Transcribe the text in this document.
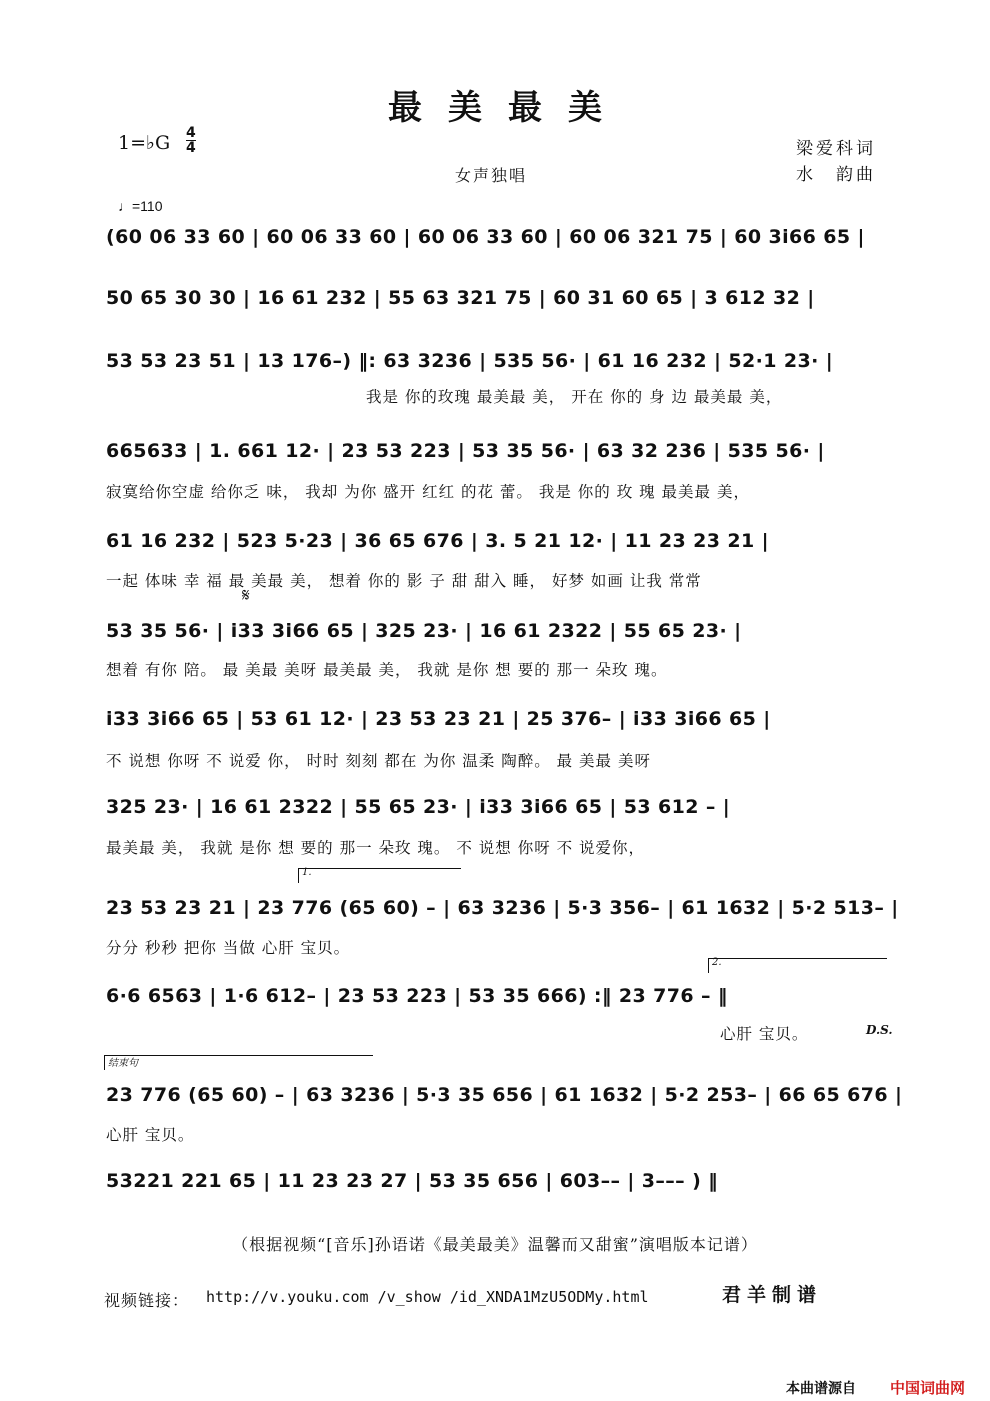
最美最美
1=♭G 4
4	梁爱科词
水　韵曲
女声独唱
♩=110
(60 06 33 60 | 60 06 33 60 | 60 06 33 60 | 60 06 321 75 | 60 3i66 65 |
50 65 30 30 | 16 61 232 | 55 63 321 75 | 60 31 60 65 | 3 612 32 |
53 53 23 51 | 13 176–) ‖: 63 3236 | 535 56· | 61 16 232 | 52·1 23· |
我是 你的玫瑰 最美最 美， 开在 你的 身 边 最美最 美，
665633 | 1. 661 12· | 23 53 223 | 53 35 56· | 63 32 236 | 535 56· |
寂寞给你空虚 给你乏 味， 我却 为你 盛开 红红 的花 蕾。 我是 你的 玫 瑰 最美最 美，
61 16 232 | 523 5·23 | 36 65 676 | 3. 5 21 12· | 11 23 23 21 |
一起 体味 幸 福 最 美最 美， 想着 你的 影 子 甜 甜入 睡， 好梦 如画 让我 常常
𝄋
53 35 56· | i33 3i66 65 | 325 23· | 16 61 2322 | 55 65 23· |
想着 有你 陪。 最 美最 美呀 最美最 美， 我就 是你 想 要的 那一 朵玫 瑰。
i33 3i66 65 | 53 61 12· | 23 53 23 21 | 25 376– | i33 3i66 65 |
不 说想 你呀 不 说爱 你， 时时 刻刻 都在 为你 温柔 陶醉。 最 美最 美呀
325 23· | 16 61 2322 | 55 65 23· | i33 3i66 65 | 53 612 – |
最美最 美， 我就 是你 想 要的 那一 朵玫 瑰。 不 说想 你呀 不 说爱你，
1.
23 53 23 21 | 23 776 (65 60) – | 63 3236 | 5·3 356– | 61 1632 | 5·2 513– |
分分 秒秒 把你 当做 心肝 宝贝。
2.
6·6 6563 | 1·6 612– | 23 53 223 | 53 35 666) :‖ 23 776 – ‖
心肝 宝贝。	D.S.
结束句
23 776 (65 60) – | 63 3236 | 5·3 35 656 | 61 1632 | 5·2 253– | 66 65 676 |
心肝 宝贝。
53221 221 65 | 11 23 23 27 | 53 35 656 | 603–– | 3––– ) ‖
（根据视频“[音乐]孙语诺《最美最美》温馨而又甜蜜”演唱版本记谱）
视频链接： http://v.youku.com /v_show /id_XNDA1MzU5ODMy.html	君羊制谱
本曲谱源自 中国词曲网
